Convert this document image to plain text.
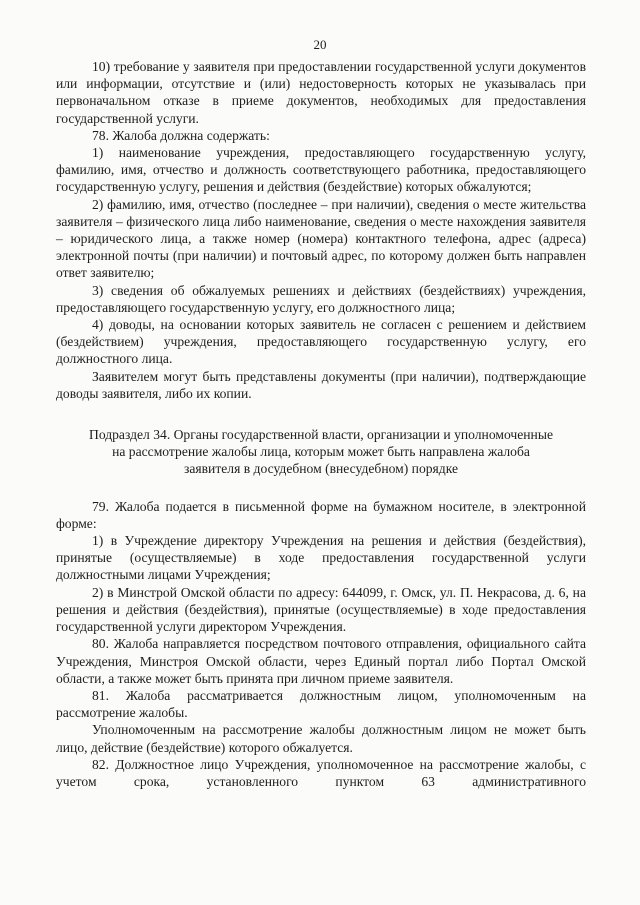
20

10) требование у заявителя при предоставлении государственной услуги документов или информации, отсутствие и (или) недостоверность которых не указывалась при первоначальном отказе в приеме документов, необходимых для предоставления государственной услуги.

78. Жалоба должна содержать:

1) наименование учреждения, предоставляющего государственную услугу, фамилию, имя, отчество и должность соответствующего работника, предоставляющего государственную услугу, решения и действия (бездействие) которых обжалуются;

2) фамилию, имя, отчество (последнее – при наличии), сведения о месте жительства заявителя – физического лица либо наименование, сведения о месте нахождения заявителя – юридического лица, а также номер (номера) контактного телефона, адрес (адреса) электронной почты (при наличии) и почтовый адрес, по которому должен быть направлен ответ заявителю;

3) сведения об обжалуемых решениях и действиях (бездействиях) учреждения, предоставляющего государственную услугу, его должностного лица;

4) доводы, на основании которых заявитель не согласен с решением и действием (бездействием) учреждения, предоставляющего государственную услугу, его должностного лица.

Заявителем могут быть представлены документы (при наличии), подтверждающие доводы заявителя, либо их копии.

Подраздел 34. Органы государственной власти, организации и уполномоченные
на рассмотрение жалобы лица, которым может быть направлена жалоба
заявителя в досудебном (внесудебном) порядке

79. Жалоба подается в письменной форме на бумажном носителе, в электронной форме:

1) в Учреждение директору Учреждения на решения и действия (бездействия), принятые (осуществляемые) в ходе предоставления государственной услуги должностными лицами Учреждения;

2) в Минстрой Омской области по адресу: 644099, г. Омск, ул. П. Некрасова, д. 6, на решения и действия (бездействия), принятые (осуществляемые) в ходе предоставления государственной услуги директором Учреждения.

80. Жалоба направляется посредством почтового отправления, официального сайта Учреждения, Минстроя Омской области, через Единый портал либо Портал Омской области, а также может быть принята при личном приеме заявителя.

81. Жалоба рассматривается должностным лицом, уполномоченным на рассмотрение жалобы.

Уполномоченным на рассмотрение жалобы должностным лицом не может быть лицо, действие (бездействие) которого обжалуется.

82. Должностное лицо Учреждения, уполномоченное на рассмотрение жалобы, с учетом срока, установленного пунктом 63 административного
